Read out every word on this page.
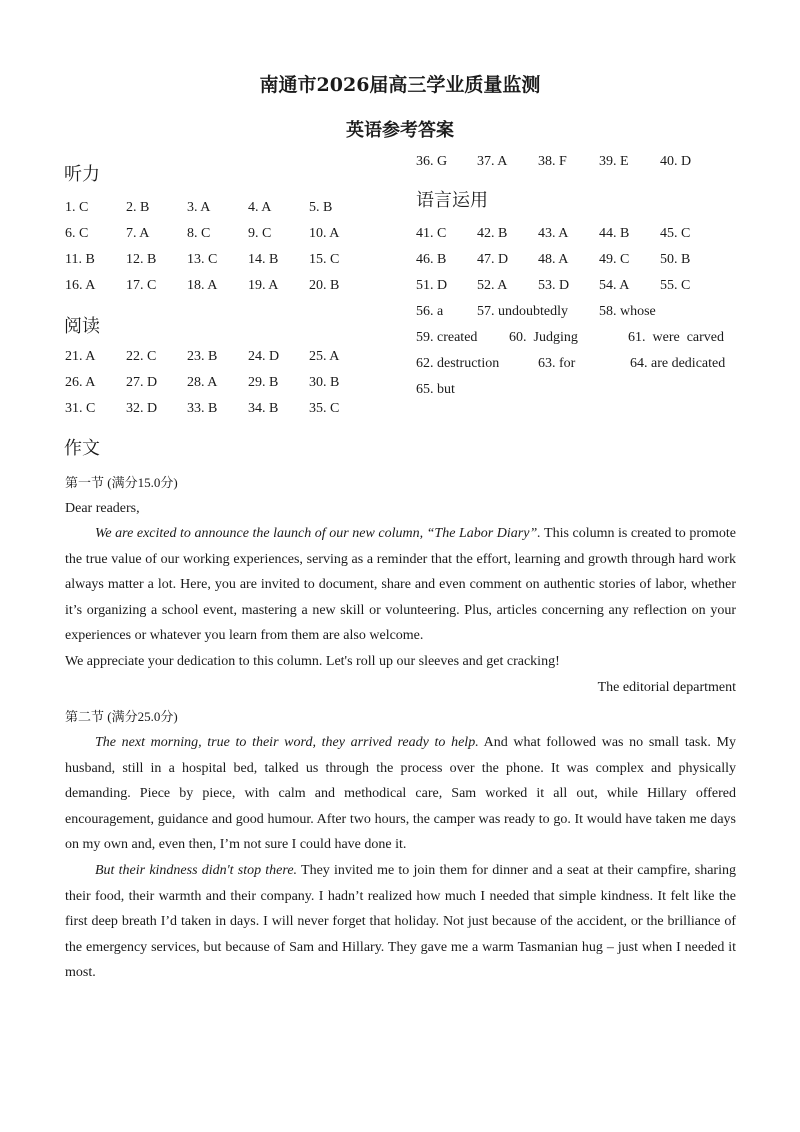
南通市2026届高三学业质量监测
英语参考答案
听力
1. C	2. B	3. A	4. A	5. B
6. C	7. A	8. C	9. C	10. A
11. B 12. B 13. C 14. B 15. C
16. A 17. C 18. A 19. A 20. B
阅读
21. A 22. C 23. B 24. D 25. A
26. A 27. D 28. A 29. B 30. B
31. C 32. D 33. B 34. B 35. C
36. G 37. A 38. F 39. E 40. D
语言运用
41. C 42. B 43. A 44. B 45. C
46. B 47. D 48. A 49. C 50. B
51. D 52. A 53. D 54. A 55. C
56. a 57. undoubtedly 58. whose
59. created 60.  Judging	61.  were  carved
62. destruction	63. for	64. are dedicated
65. but
作文
第一节 (满分15.0分)
Dear readers,
We are excited to announce the launch of our new column, “The Labor Diary”. This column is created to promote the true value of our working experiences, serving as a reminder that the effort, learning and growth through hard work always matter a lot. Here, you are invited to document, share and even comment on authentic stories of labor, whether it’s organizing a school event, mastering a new skill or volunteering. Plus, articles concerning any reflection on your experiences or whatever you learn from them are also welcome.
We appreciate your dedication to this column. Let's roll up our sleeves and get cracking!
The editorial department
第二节 (满分25.0分)
The next morning, true to their word, they arrived ready to help. And what followed was no small task. My husband, still in a hospital bed, talked us through the process over the phone. It was complex and physically demanding. Piece by piece, with calm and methodical care, Sam worked it all out, while Hillary offered encouragement, guidance and good humour. After two hours, the camper was ready to go. It would have taken me days on my own and, even then, I’m not sure I could have done it.
But their kindness didn't stop there. They invited me to join them for dinner and a seat at their campfire, sharing their food, their warmth and their company. I hadn’t realized how much I needed that simple kindness. It felt like the first deep breath I’d taken in days. I will never forget that holiday. Not just because of the accident, or the brilliance of the emergency services, but because of Sam and Hillary. They gave me a warm Tasmanian hug – just when I needed it most.
